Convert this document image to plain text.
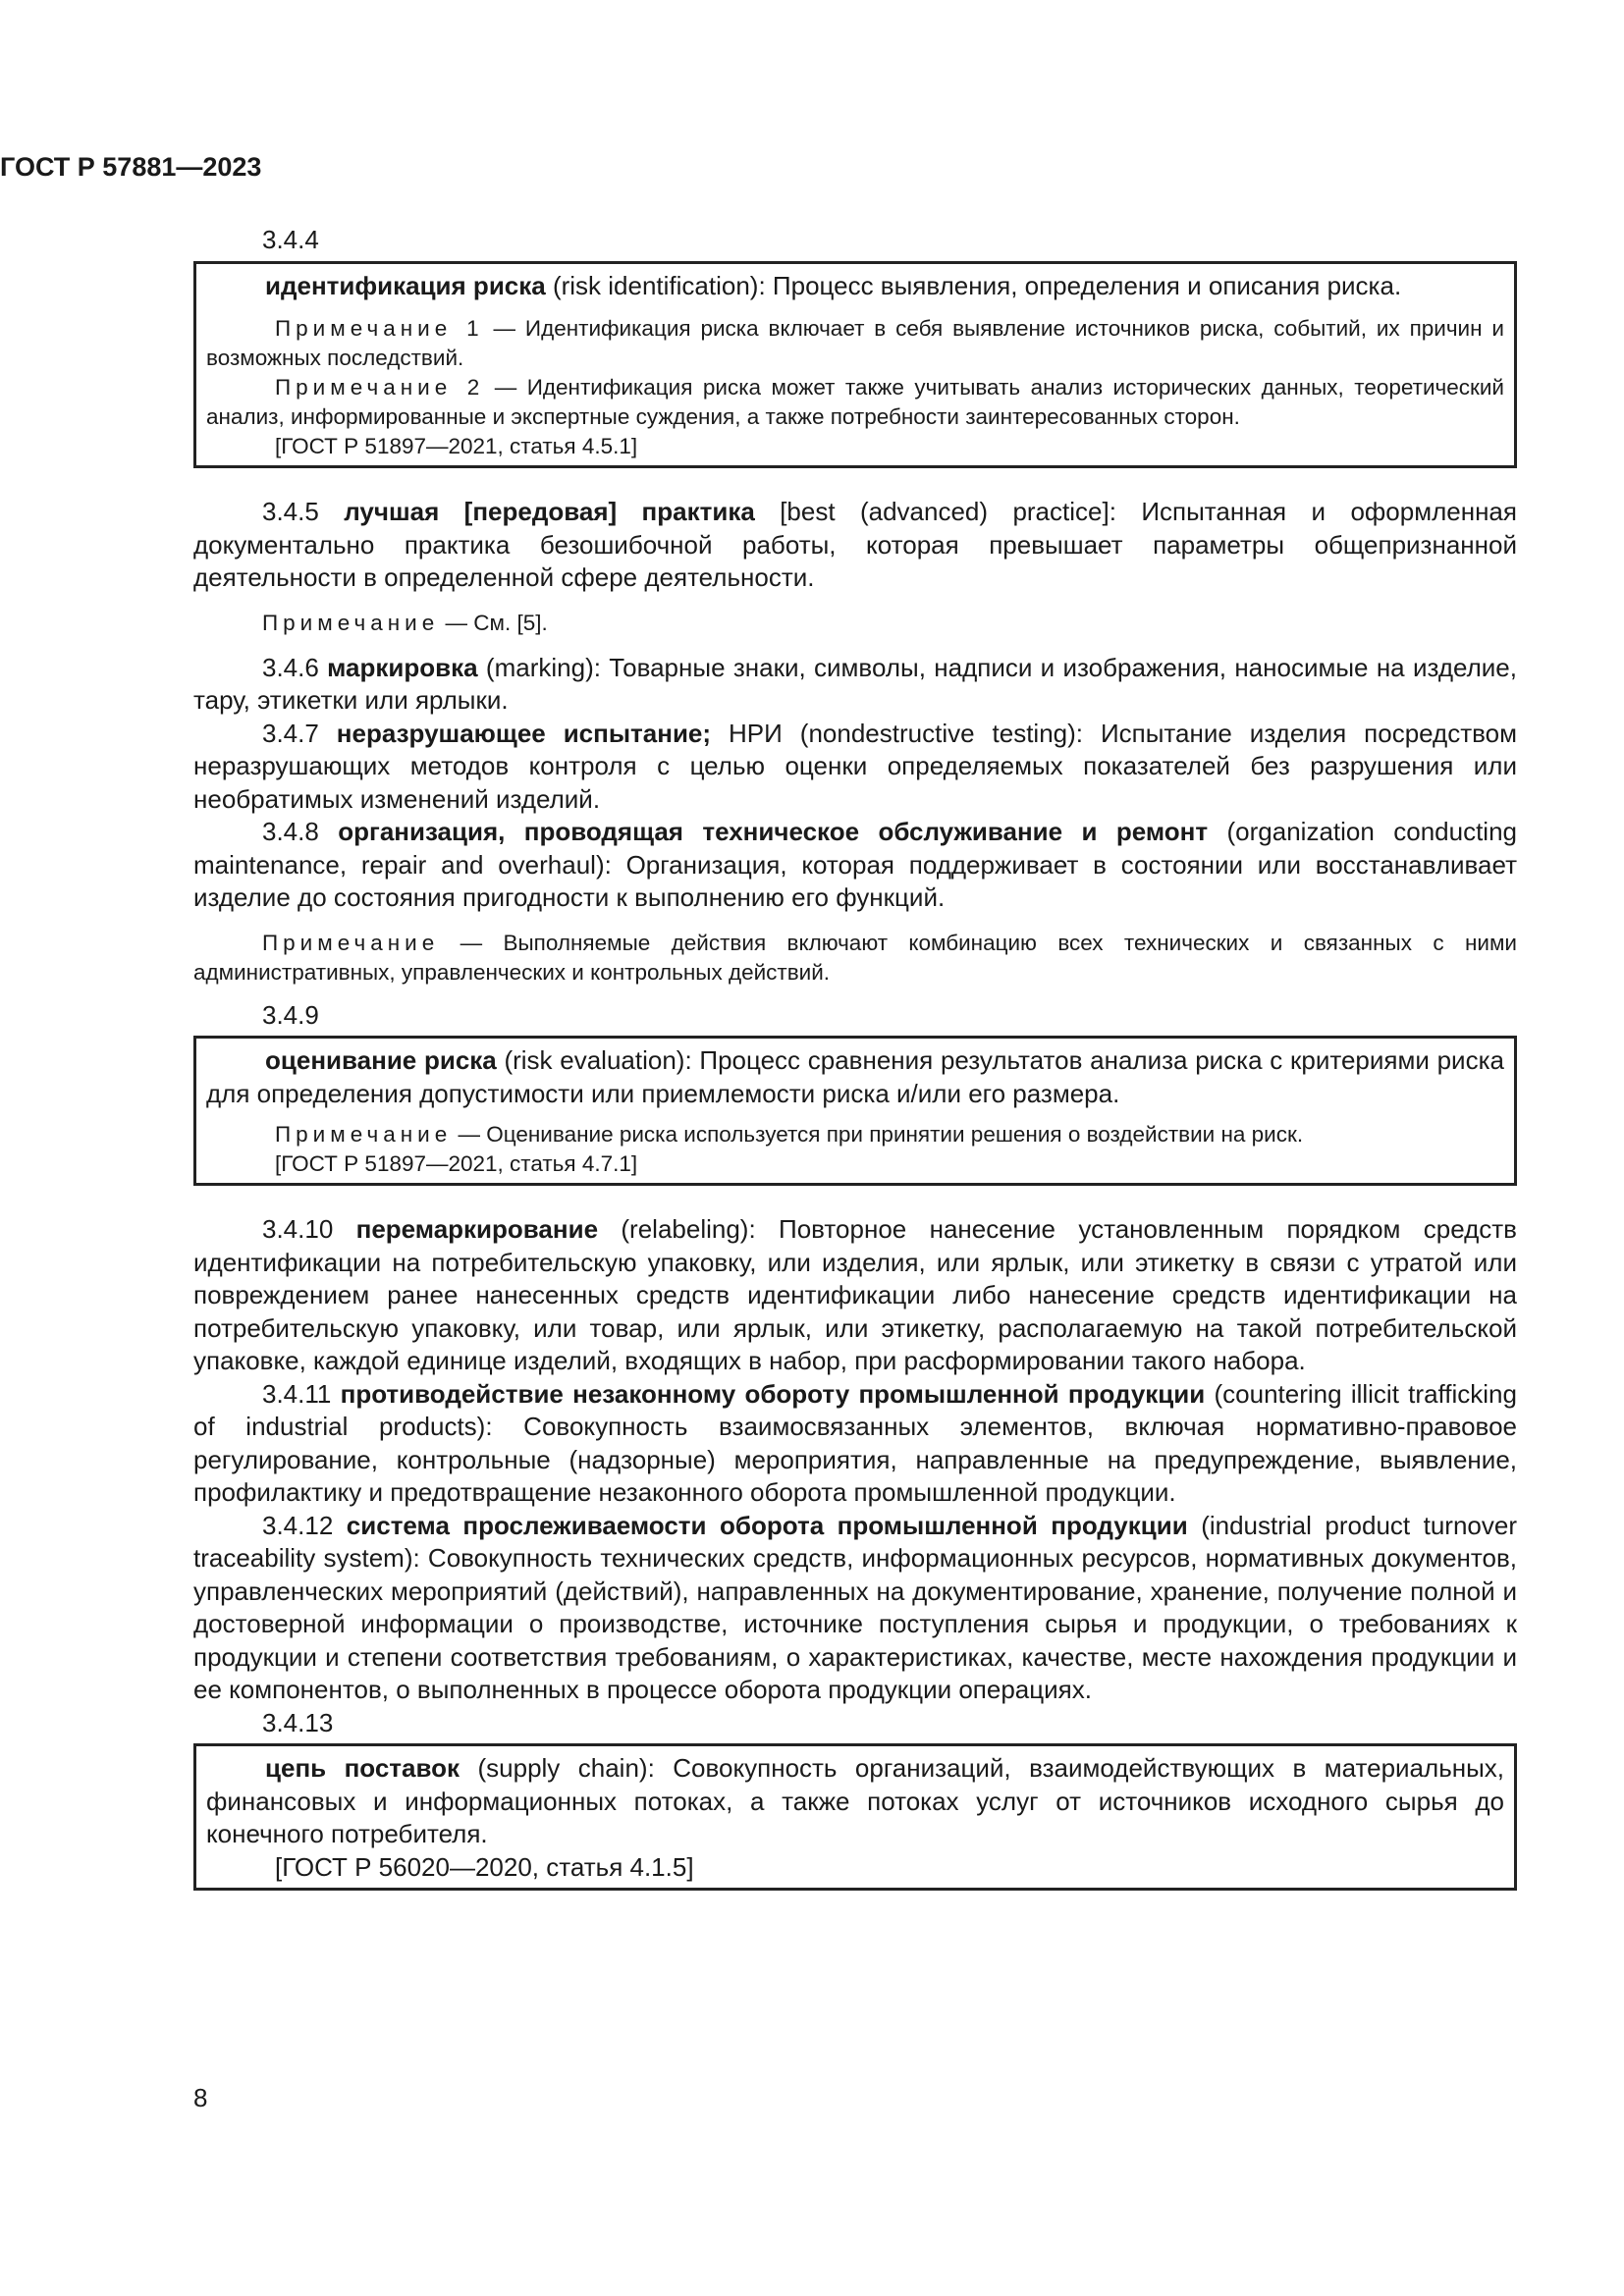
ГОСТ Р 57881—2023

3.4.4

идентификация риска (risk identification): Процесс выявления, определения и описания риска.

Примечание 1 — Идентификация риска включает в себя выявление источников риска, событий, их причин и возможных последствий.

Примечание 2 — Идентификация риска может также учитывать анализ исторических данных, теоретический анализ, информированные и экспертные суждения, а также потребности заинтересованных сторон.

[ГОСТ Р 51897—2021, статья 4.5.1]

3.4.5 лучшая [передовая] практика [best (advanced) practice]: Испытанная и оформленная документально практика безошибочной работы, которая превышает параметры общепризнанной деятельности в определенной сфере деятельности.

Примечание — См. [5].

3.4.6 маркировка (marking): Товарные знаки, символы, надписи и изображения, наносимые на изделие, тару, этикетки или ярлыки.

3.4.7 неразрушающее испытание; НРИ (nondestructive testing): Испытание изделия посредством неразрушающих методов контроля с целью оценки определяемых показателей без разрушения или необратимых изменений изделий.

3.4.8 организация, проводящая техническое обслуживание и ремонт (organization conducting maintenance, repair and overhaul): Организация, которая поддерживает в состоянии или восстанавливает изделие до состояния пригодности к выполнению его функций.

Примечание — Выполняемые действия включают комбинацию всех технических и связанных с ними административных, управленческих и контрольных действий.

3.4.9

оценивание риска (risk evaluation): Процесс сравнения результатов анализа риска с критериями риска для определения допустимости или приемлемости риска и/или его размера.

Примечание — Оценивание риска используется при принятии решения о воздействии на риск.

[ГОСТ Р 51897—2021, статья 4.7.1]

3.4.10 перемаркирование (relabeling): Повторное нанесение установленным порядком средств идентификации на потребительскую упаковку, или изделия, или ярлык, или этикетку в связи с утратой или повреждением ранее нанесенных средств идентификации либо нанесение средств идентификации на потребительскую упаковку, или товар, или ярлык, или этикетку, располагаемую на такой потребительской упаковке, каждой единице изделий, входящих в набор, при расформировании такого набора.

3.4.11 противодействие незаконному обороту промышленной продукции (countering illicit trafficking of industrial products): Совокупность взаимосвязанных элементов, включая нормативно-правовое регулирование, контрольные (надзорные) мероприятия, направленные на предупреждение, выявление, профилактику и предотвращение незаконного оборота промышленной продукции.

3.4.12 система прослеживаемости оборота промышленной продукции (industrial product turnover traceability system): Совокупность технических средств, информационных ресурсов, нормативных документов, управленческих мероприятий (действий), направленных на документирование, хранение, получение полной и достоверной информации о производстве, источнике поступления сырья и продукции, о требованиях к продукции и степени соответствия требованиям, о характеристиках, качестве, месте нахождения продукции и ее компонентов, о выполненных в процессе оборота продукции операциях.

3.4.13

цепь поставок (supply chain): Совокупность организаций, взаимодействующих в материальных, финансовых и информационных потоках, а также потоках услуг от источников исходного сырья до конечного потребителя.

[ГОСТ Р 56020—2020, статья 4.1.5]

8
